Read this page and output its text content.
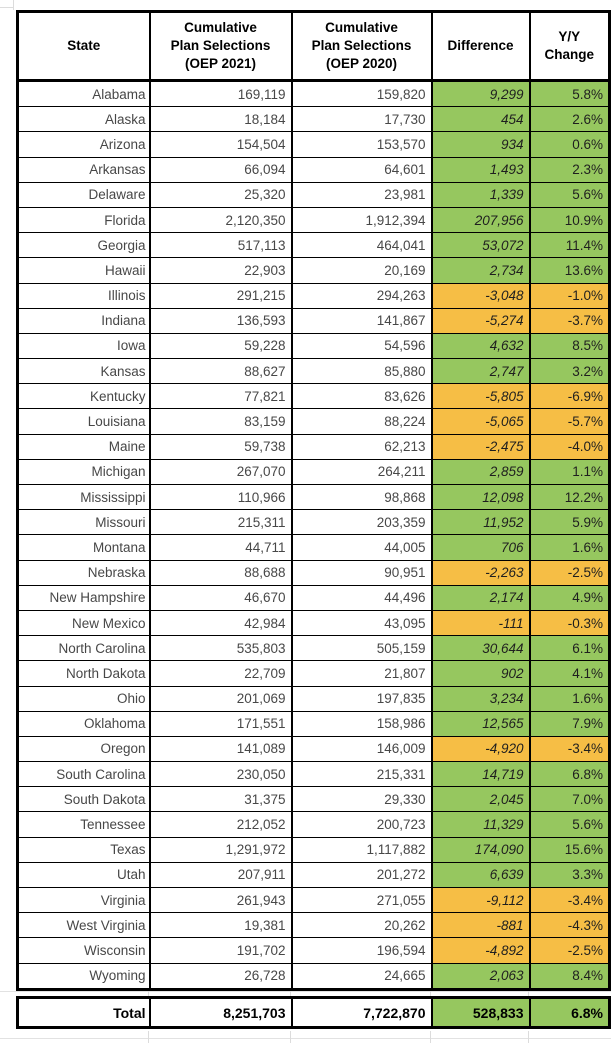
State	Cumulative
Plan Selections
(OEP 2021)	Cumulative
Plan Selections
(OEP 2020)	Difference	Y/Y
Change

Alabama	169,119	159,820	9,299	5.8%
Alaska	18,184	17,730	454	2.6%
Arizona	154,504	153,570	934	0.6%
Arkansas	66,094	64,601	1,493	2.3%
Delaware	25,320	23,981	1,339	5.6%
Florida	2,120,350	1,912,394	207,956	10.9%
Georgia	517,113	464,041	53,072	11.4%
Hawaii	22,903	20,169	2,734	13.6%
Illinois	291,215	294,263	-3,048	-1.0%
Indiana	136,593	141,867	-5,274	-3.7%
Iowa	59,228	54,596	4,632	8.5%
Kansas	88,627	85,880	2,747	3.2%
Kentucky	77,821	83,626	-5,805	-6.9%
Louisiana	83,159	88,224	-5,065	-5.7%
Maine	59,738	62,213	-2,475	-4.0%
Michigan	267,070	264,211	2,859	1.1%
Mississippi	110,966	98,868	12,098	12.2%
Missouri	215,311	203,359	11,952	5.9%
Montana	44,711	44,005	706	1.6%
Nebraska	88,688	90,951	-2,263	-2.5%
New Hampshire	46,670	44,496	2,174	4.9%
New Mexico	42,984	43,095	-111	-0.3%
North Carolina	535,803	505,159	30,644	6.1%
North Dakota	22,709	21,807	902	4.1%
Ohio	201,069	197,835	3,234	1.6%
Oklahoma	171,551	158,986	12,565	7.9%
Oregon	141,089	146,009	-4,920	-3.4%
South Carolina	230,050	215,331	14,719	6.8%
South Dakota	31,375	29,330	2,045	7.0%
Tennessee	212,052	200,723	11,329	5.6%
Texas	1,291,972	1,117,882	174,090	15.6%
Utah	207,911	201,272	6,639	3.3%
Virginia	261,943	271,055	-9,112	-3.4%
West Virginia	19,381	20,262	-881	-4.3%
Wisconsin	191,702	196,594	-4,892	-2.5%
Wyoming	26,728	24,665	2,063	8.4%
Total	8,251,703	7,722,870	528,833	6.8%
